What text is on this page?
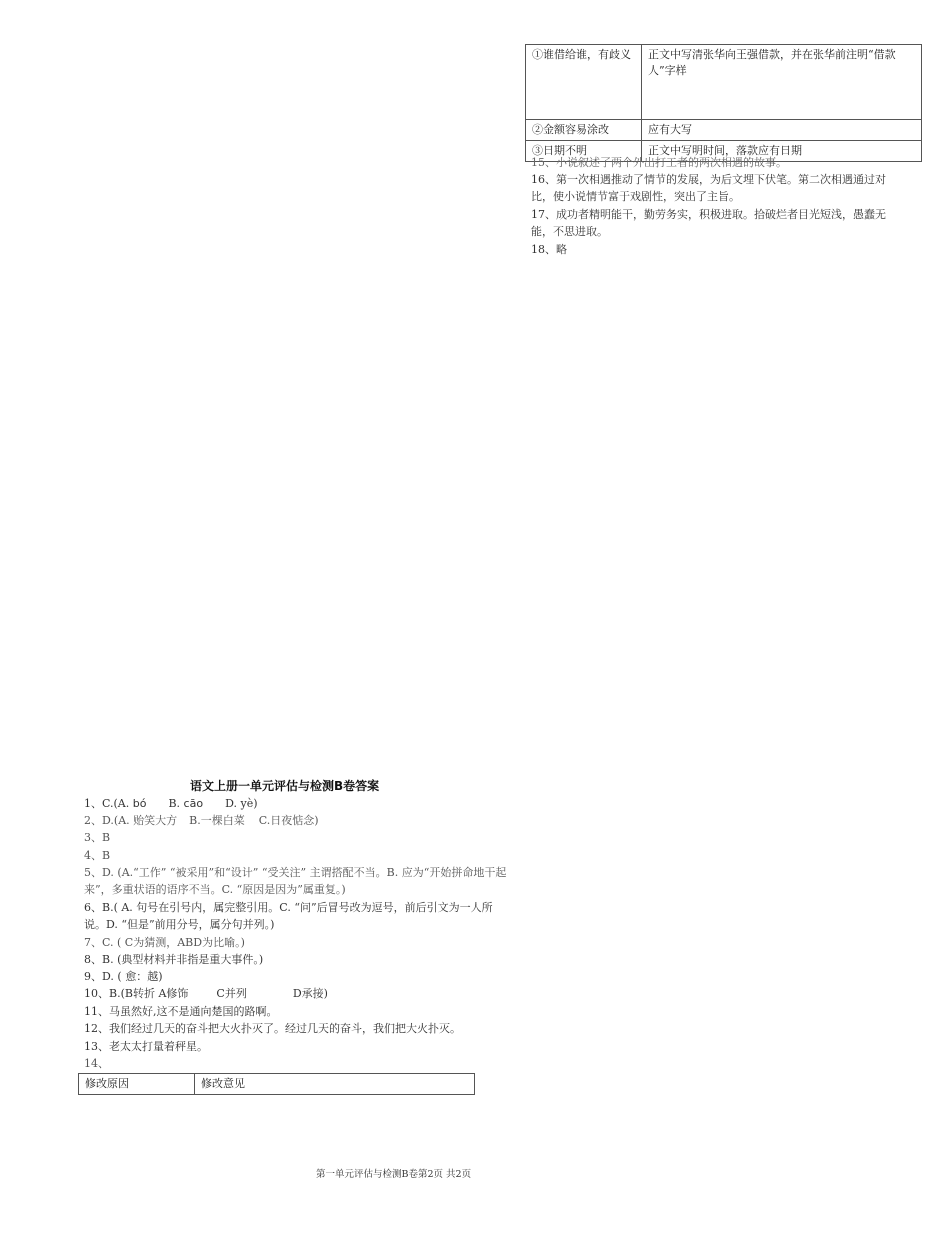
①谁借给谁，有歧义	正文中写清张华向王强借款，并在张华前注明“借款人”字样
②金额容易涂改	应有大写
③日期不明	正文中写明时间，落款应有日期
15、小说叙述了两个外出打工者的两次相遇的故事。
16、第一次相遇推动了情节的发展，为后文埋下伏笔。第二次相遇通过对比，使小说情节富于戏剧性，突出了主旨。
17、成功者精明能干，勤劳务实，积极进取。拾破烂者目光短浅，愚蠢无能，不思进取。
18、略
语文上册一单元评估与检测B卷答案
1、C.(A. bó B. cāo D. yè)
2、D.(A. 贻笑大方 B.一棵白菜 C.日夜惦念)
3、B
4、B
5、D. (A.“工作” “被采用”和“设计” “受关注” 主谓搭配不当。B. 应为“开始拼命地干起来”，多重状语的语序不当。C. “原因是因为”属重复。)
6、B.( A. 句号在引号内，属完整引用。C. “问”后冒号改为逗号，前后引文为一人所说。D. “但是”前用分号，属分句并列。)
7、C. ( C为猜测，ABD为比喻。)
8、B. (典型材料并非指是重大事件。)
9、D. ( 愈：越)
10、B.(B转折 A修饰	C并列	D承接)
11、马虽然好,这不是通向楚国的路啊。
12、我们经过几天的奋斗把大火扑灭了。经过几天的奋斗，我们把大火扑灭。
13、老太太打量着秤星。
14、
修改原因	修改意见
第一单元评估与检测B卷第2页 共2页
